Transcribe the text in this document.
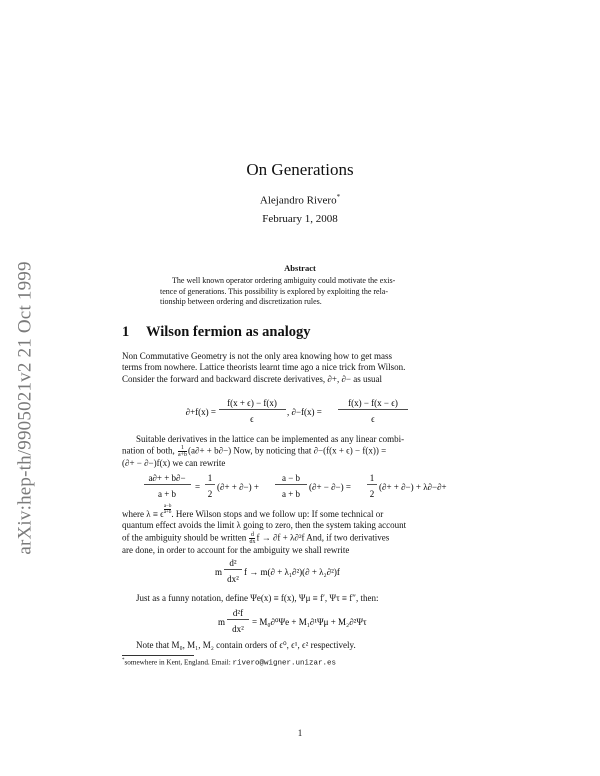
arXiv:hep-th/9905021v2 21 Oct 1999
On Generations
Alejandro Rivero*
February 1, 2008
Abstract
The well known operator ordering ambiguity could motivate the exis-
tence of generations. This possibility is explored by exploiting the rela-
tionship between ordering and discretization rules.
1 Wilson fermion as analogy
Non Commutative Geometry is not the only area knowing how to get mass
terms from nowhere. Lattice theorists learnt time ago a nice trick from Wilson.
Consider the forward and backward discrete derivatives, ∂+, ∂− as usual
∂+f(x) =
f(x + ϵ) − f(x)
ϵ
, ∂−f(x) =
f(x) − f(x − ϵ)
ϵ
Suitable derivatives in the lattice can be implemented as any linear combi-
nation of both, $\frac{1}{a+b} (a\partial+ + b\partial-)$ Now, by noticing that ∂−(f(x + ϵ) − f(x)) =
(∂+ − ∂−)f(x) we can rewrite
a∂+ + b∂−
a + b
=
1
2
(∂+ + ∂−) +
a − b
a + b
(∂+ − ∂−) =
1
2
(∂+ + ∂−) + λ∂−∂+
where λ ≡ ϵ $\frac{a-b}{a+b}$ . Here Wilson stops and we follow up: If some technical or
quantum effect avoids the limit λ going to zero, then the system taking account
of the ambiguity should be written $\frac{d}{dx}$ f → ∂f + λ∂²f And, if two derivatives
are done, in order to account for the ambiguity we shall rewrite
m
d²
dx²
f → m(∂ + λ₁∂²)(∂ + λ₂∂²)f
Just as a funny notation, define Ψe(x) ≡ f(x), Ψμ ≡ f′, Ψτ ≡ f″, then:
m
d²f
dx²
= M₀∂⁰Ψe + M₁∂¹Ψμ + M₂∂²Ψτ
Note that M₀, M₁, M₂ contain orders of ϵ⁰, ϵ¹, ϵ² respectively.
*somewhere in Kent, England. Email: rivero@wigner.unizar.es
1
